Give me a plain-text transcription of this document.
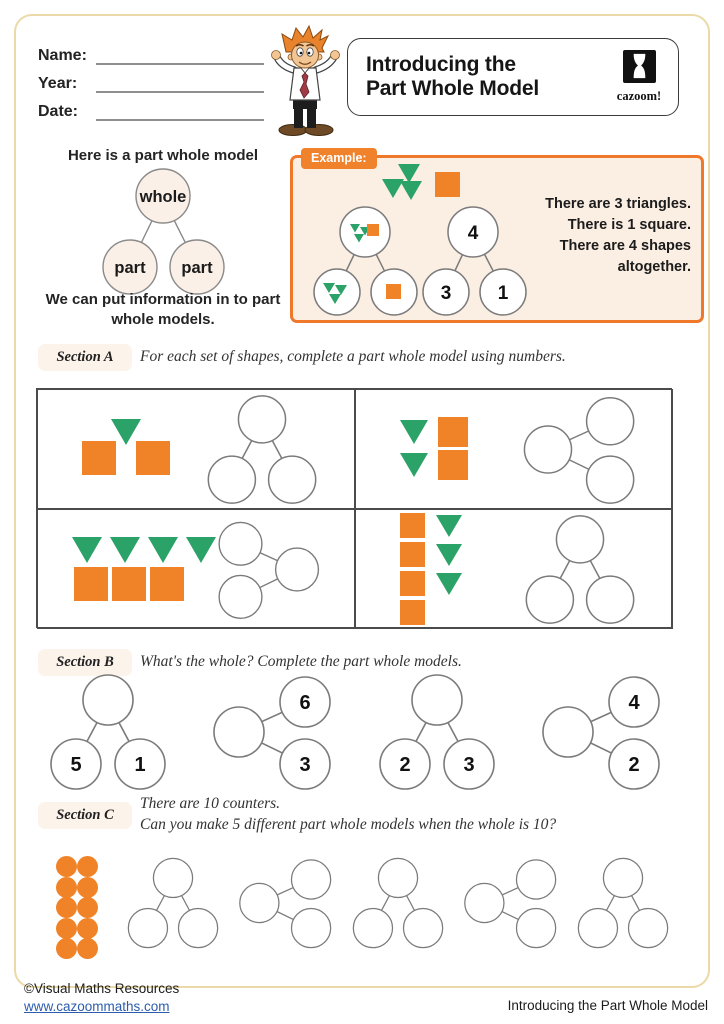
Name:
Year:
Date:
Introducing the
Part Whole Model	cazoom!
Here is a part whole model
whole
part part
We can put information in to part whole models.
Example:
4
3 1
There are 3 triangles.
There is 1 square.
There are 4 shapes
altogether.
Section A	For each set of shapes, complete a part whole model using numbers.
Section B	What's the whole? Complete the part whole models.
5	1
6
3	2	3
4
2
Section C
There are 10 counters.
Can you make 5 different part whole models when the whole is 10?
©Visual Maths Resources
www.cazoommaths.com	Introducing the Part Whole Model
